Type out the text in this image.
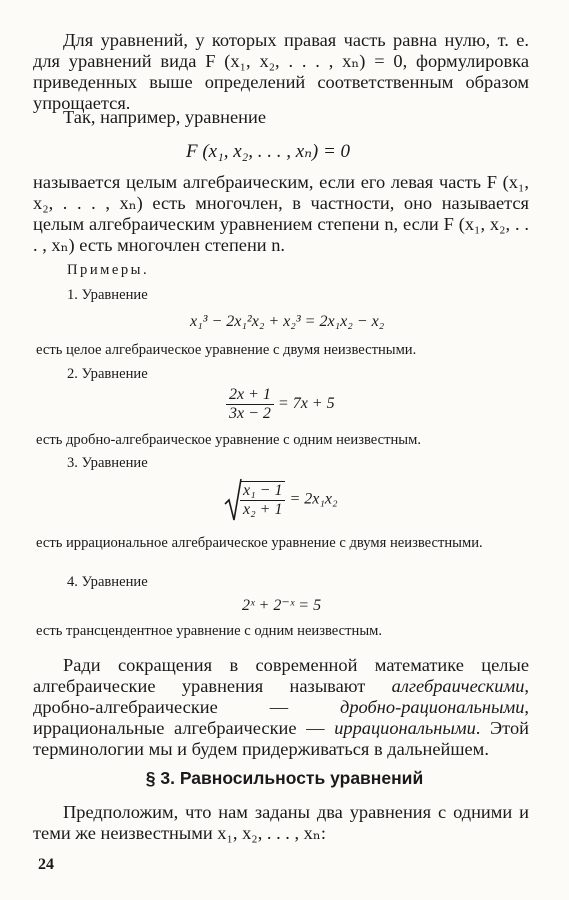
Для уравнений, у которых правая часть равна нулю, т. е. для уравнений вида F (x₁, x₂, . . . , xₙ) = 0, формулировка приведенных выше определений соответственным образом упрощается.

Так, например, уравнение

F (x₁, x₂, . . . , xₙ) = 0

называется целым алгебраическим, если его левая часть F (x₁, x₂, . . . , xₙ) есть многочлен, в частности, оно называется целым алгебраическим уравнением степени n, если F (x₁, x₂, . . . , xₙ) есть многочлен степени n.

Примеры.

1. Уравнение

x₁³ − 2x₁²x₂ + x₂³ = 2x₁x₂ − x₂

есть целое алгебраическое уравнение с двумя неизвестными.

2. Уравнение

$\frac{2x + 1}{3x - 2} = 7x + 5$

есть дробно-алгебраическое уравнение с одним неизвестным.

3. Уравнение

$\frac{\text{x₁ − 1}}{\text{x₂ + 1}} = 2x_1x_2$

есть иррациональное алгебраическое уравнение с двумя неизвестными.

4. Уравнение

2ˣ + 2⁻ˣ = 5

есть трансцендентное уравнение с одним неизвестным.

Ради сокращения в современной математике целые алгебраические уравнения называют алгебраическими, дробно-алгебраические — дробно-рациональными, иррациональные алгебраические — иррациональными. Этой терминологии мы и будем придерживаться в дальнейшем.

§ 3. Равносильность уравнений

Предположим, что нам заданы два уравнения с одними и теми же неизвестными x₁, x₂, . . . , xₙ:

24
